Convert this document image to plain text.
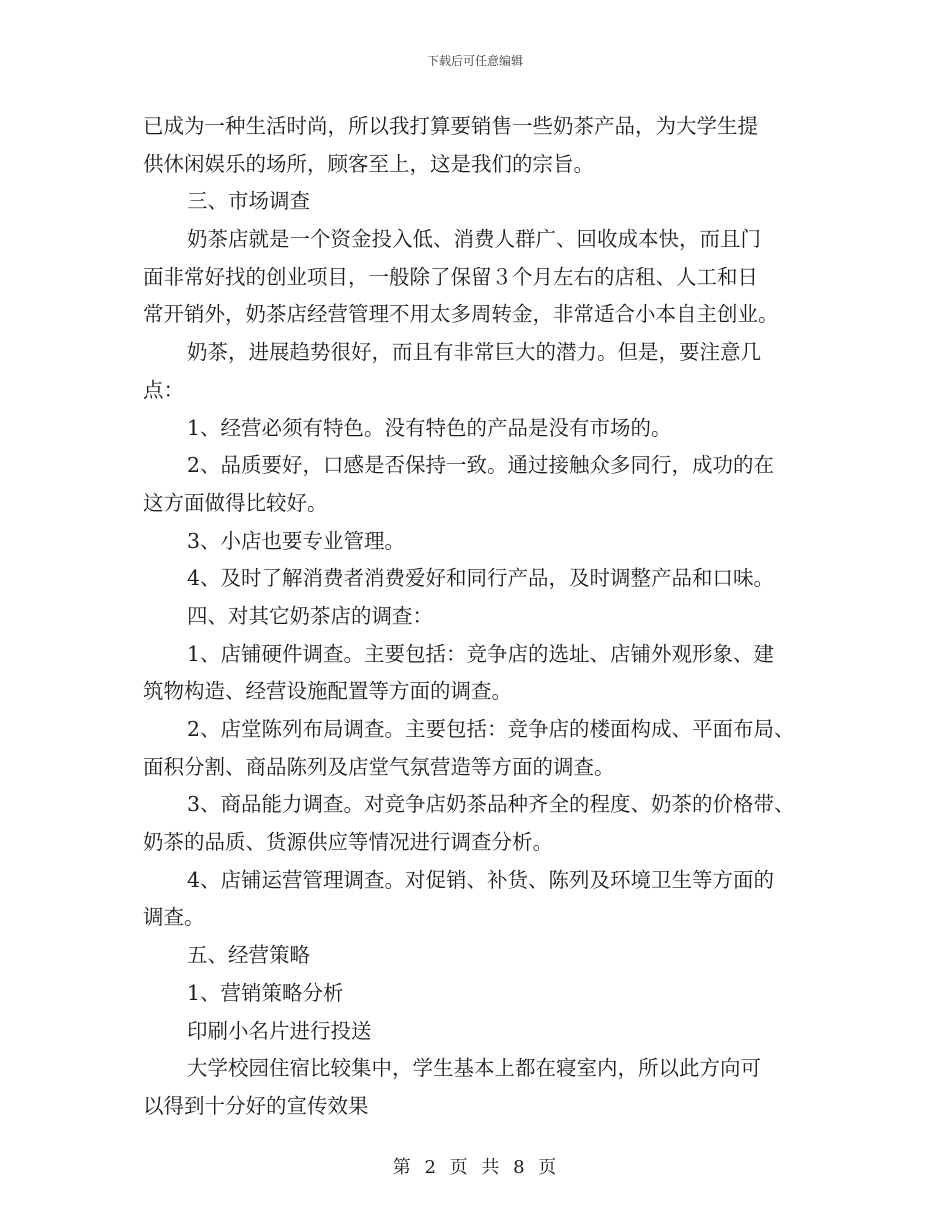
下载后可任意编辑
已成为一种生活时尚，所以我打算要销售一些奶茶产品，为大学生提
供休闲娱乐的场所，顾客至上，这是我们的宗旨。
三、市场调查
奶茶店就是一个资金投入低、消费人群广、回收成本快，而且门
面非常好找的创业项目，一般除了保留３个月左右的店租、人工和日
常开销外，奶茶店经营管理不用太多周转金，非常适合小本自主创业。
奶茶，进展趋势很好，而且有非常巨大的潜力。但是，要注意几
点：
1、经营必须有特色。没有特色的产品是没有市场的。
2、品质要好，口感是否保持一致。通过接触众多同行，成功的在
这方面做得比较好。
3、小店也要专业管理。
4、及时了解消费者消费爱好和同行产品，及时调整产品和口味。
四、对其它奶茶店的调查：
1、店铺硬件调查。主要包括：竞争店的选址、店铺外观形象、建
筑物构造、经营设施配置等方面的调查。
2、店堂陈列布局调查。主要包括：竞争店的楼面构成、平面布局、
面积分割、商品陈列及店堂气氛营造等方面的调查。
3、商品能力调查。对竞争店奶茶品种齐全的程度、奶茶的价格带、
奶茶的品质、货源供应等情况进行调查分析。
4、店铺运营管理调查。对促销、补货、陈列及环境卫生等方面的
调查。
五、经营策略
1、营销策略分析
印刷小名片进行投送
大学校园住宿比较集中，学生基本上都在寝室内，所以此方向可
以得到十分好的宣传效果
第 2 页 共 8 页
